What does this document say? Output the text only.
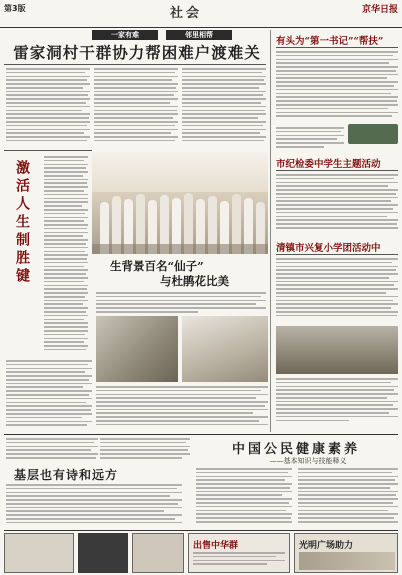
第3版	社会	京华日报
一家有难	邻里相帮
雷家洞村干群协力帮困难户渡难关
激活人生制胜键	生背景百名“仙子”
与杜鹃花比美
有头为“第一书记”“帮扶”
市纪检委中学生主题活动
清镇市兴复小学团活动中
基层也有诗和远方
中国公民健康素养
——基本知识与技能释义
出售中华群	光明广场助力
